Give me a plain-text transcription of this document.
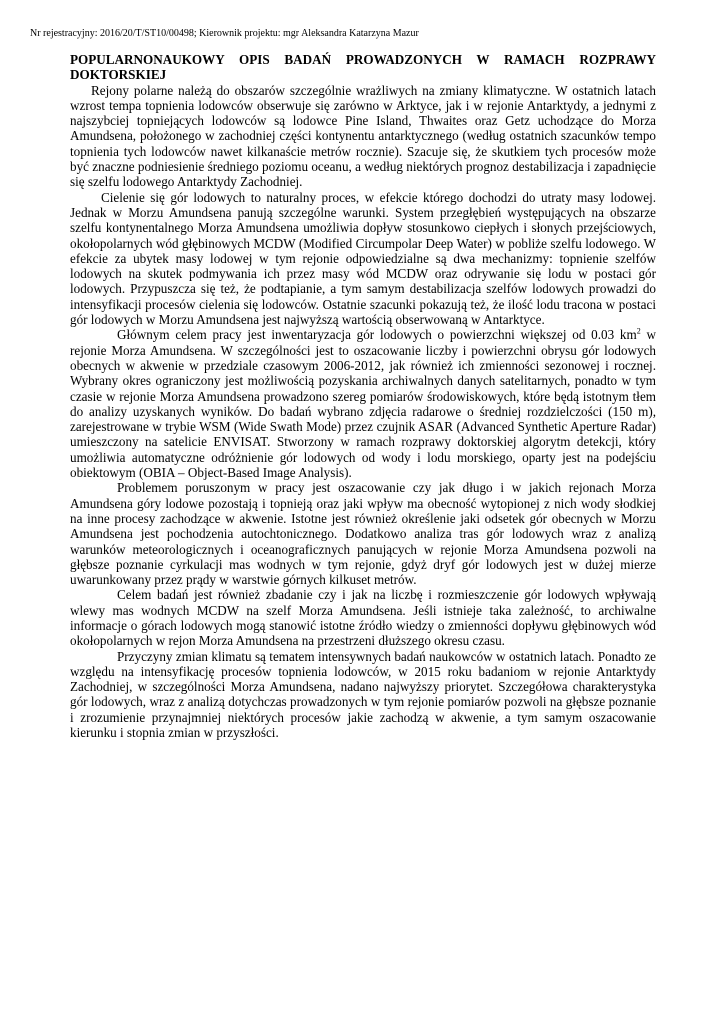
Nr rejestracyjny: 2016/20/T/ST10/00498; Kierownik projektu: mgr Aleksandra Katarzyna Mazur

POPULARNONAUKOWY OPIS BADAŃ PROWADZONYCH W RAMACH ROZPRAWY DOKTORSKIEJ

Rejony polarne należą do obszarów szczególnie wrażliwych na zmiany klimatyczne. W ostatnich latach wzrost tempa topnienia lodowców obserwuje się zarówno w Arktyce, jak i w rejonie Antarktydy, a jednymi z najszybciej topniejących lodowców są lodowce Pine Island, Thwaites oraz Getz uchodzące do Morza Amundsena, położonego w zachodniej części kontynentu antarktycznego (według ostatnich szacunków tempo topnienia tych lodowców nawet kilkanaście metrów rocznie). Szacuje się, że skutkiem tych procesów może być znaczne podniesienie średniego poziomu oceanu, a według niektórych prognoz destabilizacja i zapadnięcie się szelfu lodowego Antarktydy Zachodniej.

Cielenie się gór lodowych to naturalny proces, w efekcie którego dochodzi do utraty masy lodowej. Jednak w Morzu Amundsena panują szczególne warunki. System przegłębień występujących na obszarze szelfu kontynentalnego Morza Amundsena umożliwia dopływ stosunkowo ciepłych i słonych przejściowych, okołopolarnych wód głębinowych MCDW (Modified Circumpolar Deep Water) w pobliże szelfu lodowego. W efekcie za ubytek masy lodowej w tym rejonie odpowiedzialne są dwa mechanizmy: topnienie szelfów lodowych na skutek podmywania ich przez masy wód MCDW oraz odrywanie się lodu w postaci gór lodowych. Przypuszcza się też, że podtapianie, a tym samym destabilizacja szelfów lodowych prowadzi do intensyfikacji procesów cielenia się lodowców. Ostatnie szacunki pokazują też, że ilość lodu tracona w postaci gór lodowych w Morzu Amundsena jest najwyższą wartością obserwowaną w Antarktyce.

Głównym celem pracy jest inwentaryzacja gór lodowych o powierzchni większej od 0.03 $km^2$ w rejonie Morza Amundsena. W szczególności jest to oszacowanie liczby i powierzchni obrysu gór lodowych obecnych w akwenie w przedziale czasowym 2006-2012, jak również ich zmienności sezonowej i rocznej. Wybrany okres ograniczony jest możliwością pozyskania archiwalnych danych satelitarnych, ponadto w tym czasie w rejonie Morza Amundsena prowadzono szereg pomiarów środowiskowych, które będą istotnym tłem do analizy uzyskanych wyników. Do badań wybrano zdjęcia radarowe o średniej rozdzielczości (150 m), zarejestrowane w trybie WSM (Wide Swath Mode) przez czujnik ASAR (Advanced Synthetic Aperture Radar) umieszczony na satelicie ENVISAT. Stworzony w ramach rozprawy doktorskiej algorytm detekcji, który umożliwia automatyczne odróżnienie gór lodowych od wody i lodu morskiego, oparty jest na podejściu obiektowym (OBIA – Object-Based Image Analysis).

Problemem poruszonym w pracy jest oszacowanie czy jak długo i w jakich rejonach Morza Amundsena góry lodowe pozostają i topnieją oraz jaki wpływ ma obecność wytopionej z nich wody słodkiej na inne procesy zachodzące w akwenie. Istotne jest również określenie jaki odsetek gór obecnych w Morzu Amundsena jest pochodzenia autochtonicznego. Dodatkowo analiza tras gór lodowych wraz z analizą warunków meteorologicznych i oceanograficznych panujących w rejonie Morza Amundsena pozwoli na głębsze poznanie cyrkulacji mas wodnych w tym rejonie, gdyż dryf gór lodowych jest w dużej mierze uwarunkowany przez prądy w warstwie górnych kilkuset metrów.

Celem badań jest również zbadanie czy i jak na liczbę i rozmieszczenie gór lodowych wpływają wlewy mas wodnych MCDW na szelf Morza Amundsena. Jeśli istnieje taka zależność, to archiwalne informacje o górach lodowych mogą stanowić istotne źródło wiedzy o zmienności dopływu głębinowych wód okołopolarnych w rejon Morza Amundsena na przestrzeni dłuższego okresu czasu.

Przyczyny zmian klimatu są tematem intensywnych badań naukowców w ostatnich latach. Ponadto ze względu na intensyfikację procesów topnienia lodowców, w 2015 roku badaniom w rejonie Antarktydy Zachodniej, w szczególności Morza Amundsena, nadano najwyższy priorytet. Szczegółowa charakterystyka gór lodowych, wraz z analizą dotychczas prowadzonych w tym rejonie pomiarów pozwoli na głębsze poznanie i zrozumienie przynajmniej niektórych procesów jakie zachodzą w akwenie, a tym samym oszacowanie kierunku i stopnia zmian w przyszłości.
